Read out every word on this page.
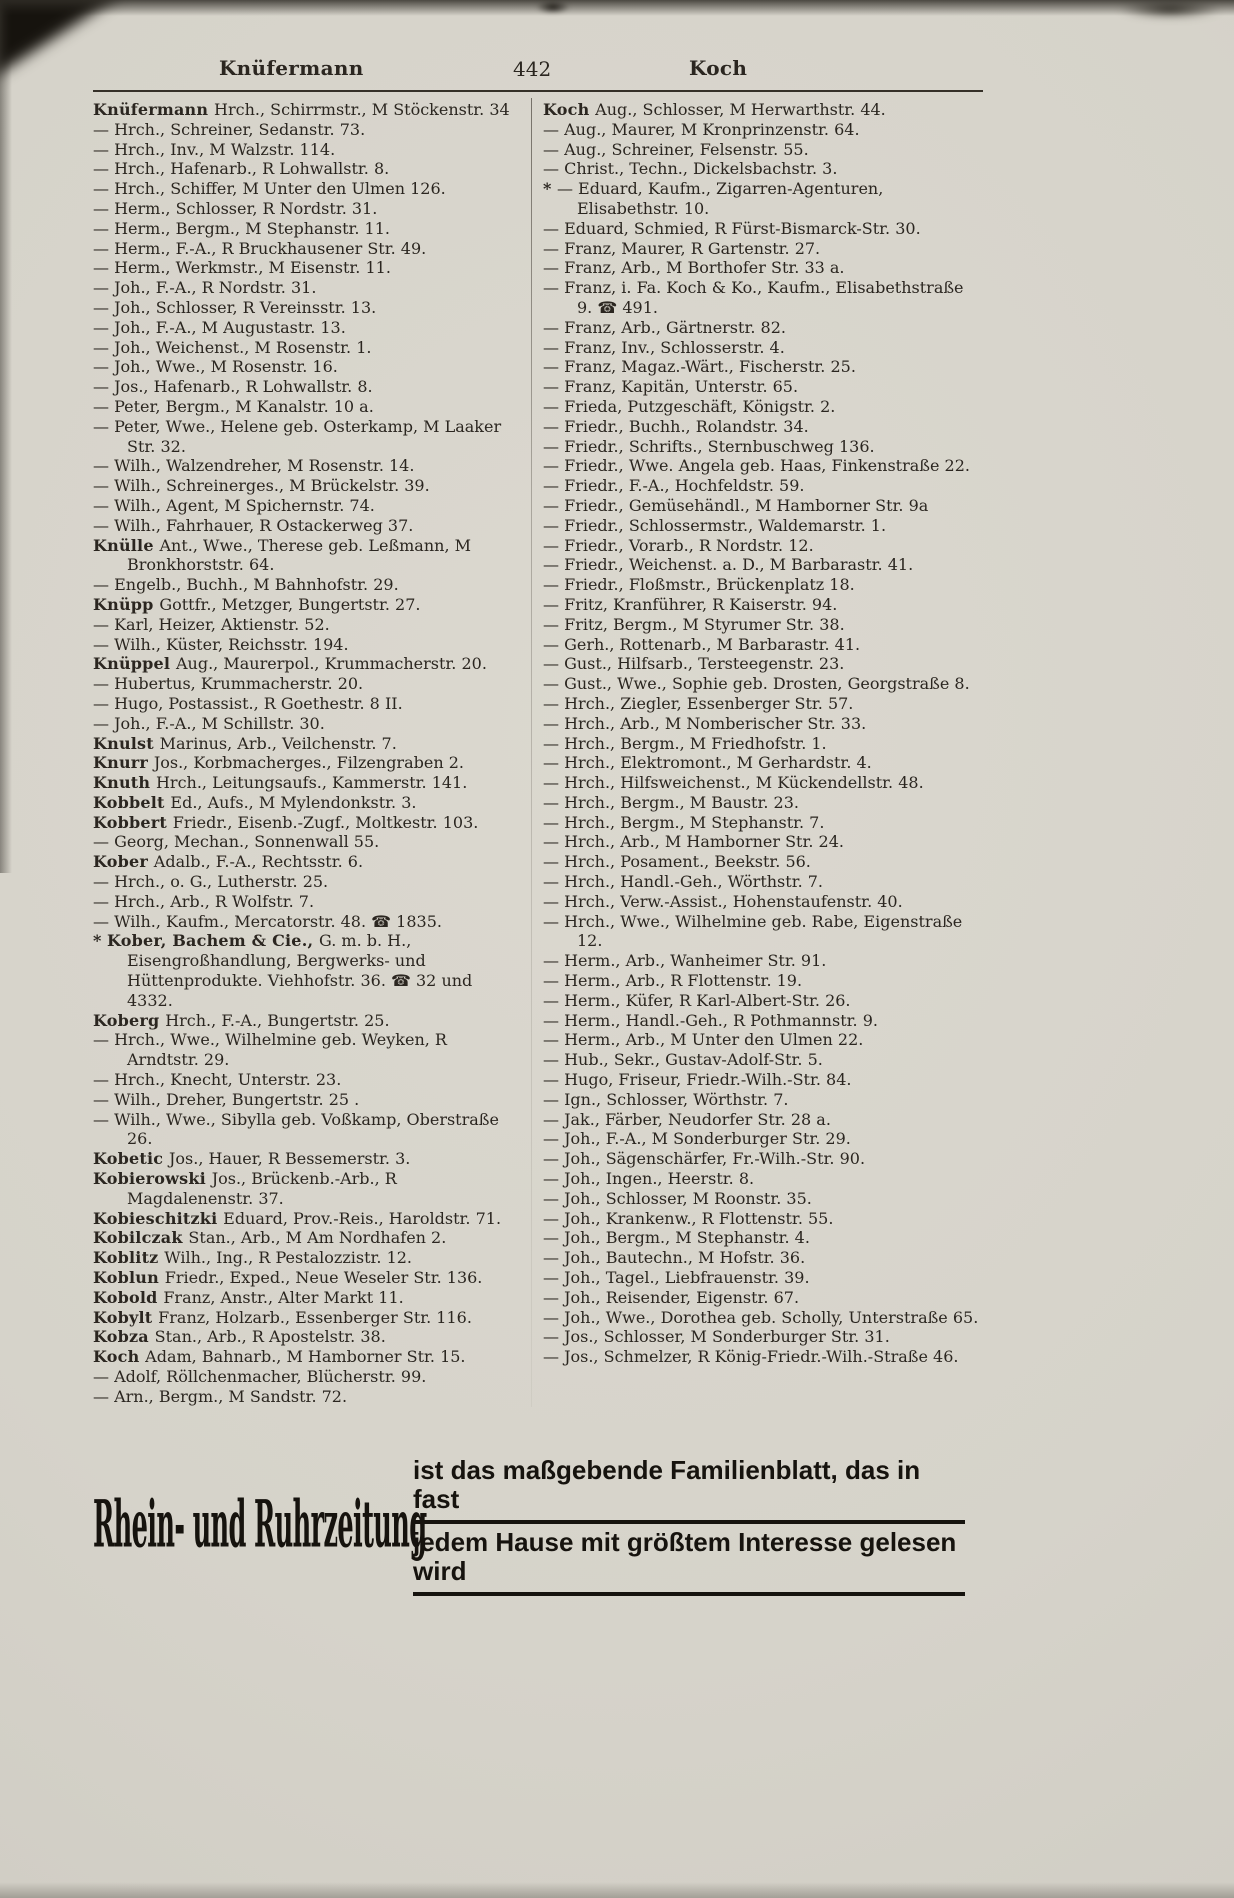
Knüfermann	442	Koch
Knüfermann Hrch., Schirrmstr., M Stöckenstr. 34
— Hrch., Schreiner, Sedanstr. 73.
— Hrch., Inv., M Walzstr. 114.
— Hrch., Hafenarb., R Lohwallstr. 8.
— Hrch., Schiffer, M Unter den Ulmen 126.
— Herm., Schlosser, R Nordstr. 31.
— Herm., Bergm., M Stephanstr. 11.
— Herm., F.-A., R Bruckhausener Str. 49.
— Herm., Werkmstr., M Eisenstr. 11.
— Joh., F.-A., R Nordstr. 31.
— Joh., Schlosser, R Vereinsstr. 13.
— Joh., F.-A., M Augustastr. 13.
— Joh., Weichenst., M Rosenstr. 1.
— Joh., Wwe., M Rosenstr. 16.
— Jos., Hafenarb., R Lohwallstr. 8.
— Peter, Bergm., M Kanalstr. 10 a.
— Peter, Wwe., Helene geb. Osterkamp, M Laaker Str. 32.
— Wilh., Walzendreher, M Rosenstr. 14.
— Wilh., Schreinerges., M Brückelstr. 39.
— Wilh., Agent, M Spichernstr. 74.
— Wilh., Fahrhauer, R Ostackerweg 37.
Knülle Ant., Wwe., Therese geb. Leßmann, M Bronkhorststr. 64.
— Engelb., Buchh., M Bahnhofstr. 29.
Knüpp Gottfr., Metzger, Bungertstr. 27.
— Karl, Heizer, Aktienstr. 52.
— Wilh., Küster, Reichsstr. 194.
Knüppel Aug., Maurerpol., Krummacherstr. 20.
— Hubertus, Krummacherstr. 20.
— Hugo, Postassist., R Goethestr. 8 II.
— Joh., F.-A., M Schillstr. 30.
Knulst Marinus, Arb., Veilchenstr. 7.
Knurr Jos., Korbmacherges., Filzengraben 2.
Knuth Hrch., Leitungsaufs., Kammerstr. 141.
Kobbelt Ed., Aufs., M Mylendonkstr. 3.
Kobbert Friedr., Eisenb.-Zugf., Moltkestr. 103.
— Georg, Mechan., Sonnenwall 55.
Kober Adalb., F.-A., Rechtsstr. 6.
— Hrch., o. G., Lutherstr. 25.
— Hrch., Arb., R Wolfstr. 7.
— Wilh., Kaufm., Mercatorstr. 48. ☎ 1835.
* Kober, Bachem & Cie., G. m. b. H., Eisengroßhandlung, Bergwerks- und Hüttenprodukte. Viehhofstr. 36. ☎ 32 und 4332.
Koberg Hrch., F.-A., Bungertstr. 25.
— Hrch., Wwe., Wilhelmine geb. Weyken, R Arndtstr. 29.
— Hrch., Knecht, Unterstr. 23.
— Wilh., Dreher, Bungertstr. 25 .
— Wilh., Wwe., Sibylla geb. Voßkamp, Oberstraße 26.
Kobetic Jos., Hauer, R Bessemerstr. 3.
Kobierowski Jos., Brückenb.-Arb., R Magdalenenstr. 37.
Kobieschitzki Eduard, Prov.-Reis., Haroldstr. 71.
Kobilczak Stan., Arb., M Am Nordhafen 2.
Koblitz Wilh., Ing., R Pestalozzistr. 12.
Koblun Friedr., Exped., Neue Weseler Str. 136.
Kobold Franz, Anstr., Alter Markt 11.
Kobylt Franz, Holzarb., Essenberger Str. 116.
Kobza Stan., Arb., R Apostelstr. 38.
Koch Adam, Bahnarb., M Hamborner Str. 15.
— Adolf, Röllchenmacher, Blücherstr. 99.
— Arn., Bergm., M Sandstr. 72.
Koch Aug., Schlosser, M Herwarthstr. 44.
— Aug., Maurer, M Kronprinzenstr. 64.
— Aug., Schreiner, Felsenstr. 55.
— Christ., Techn., Dickelsbachstr. 3.
* — Eduard, Kaufm., Zigarren-Agenturen, Elisabethstr. 10.
— Eduard, Schmied, R Fürst-Bismarck-Str. 30.
— Franz, Maurer, R Gartenstr. 27.
— Franz, Arb., M Borthofer Str. 33 a.
— Franz, i. Fa. Koch & Ko., Kaufm., Elisabethstraße 9. ☎ 491.
— Franz, Arb., Gärtnerstr. 82.
— Franz, Inv., Schlosserstr. 4.
— Franz, Magaz.-Wärt., Fischerstr. 25.
— Franz, Kapitän, Unterstr. 65.
— Frieda, Putzgeschäft, Königstr. 2.
— Friedr., Buchh., Rolandstr. 34.
— Friedr., Schrifts., Sternbuschweg 136.
— Friedr., Wwe. Angela geb. Haas, Finkenstraße 22.
— Friedr., F.-A., Hochfeldstr. 59.
— Friedr., Gemüsehändl., M Hamborner Str. 9a
— Friedr., Schlossermstr., Waldemarstr. 1.
— Friedr., Vorarb., R Nordstr. 12.
— Friedr., Weichenst. a. D., M Barbarastr. 41.
— Friedr., Floßmstr., Brückenplatz 18.
— Fritz, Kranführer, R Kaiserstr. 94.
— Fritz, Bergm., M Styrumer Str. 38.
— Gerh., Rottenarb., M Barbarastr. 41.
— Gust., Hilfsarb., Tersteegenstr. 23.
— Gust., Wwe., Sophie geb. Drosten, Georgstraße 8.
— Hrch., Ziegler, Essenberger Str. 57.
— Hrch., Arb., M Nomberischer Str. 33.
— Hrch., Bergm., M Friedhofstr. 1.
— Hrch., Elektromont., M Gerhardstr. 4.
— Hrch., Hilfsweichenst., M Kückendellstr. 48.
— Hrch., Bergm., M Baustr. 23.
— Hrch., Bergm., M Stephanstr. 7.
— Hrch., Arb., M Hamborner Str. 24.
— Hrch., Posament., Beekstr. 56.
— Hrch., Handl.-Geh., Wörthstr. 7.
— Hrch., Verw.-Assist., Hohenstaufenstr. 40.
— Hrch., Wwe., Wilhelmine geb. Rabe, Eigenstraße 12.
— Herm., Arb., Wanheimer Str. 91.
— Herm., Arb., R Flottenstr. 19.
— Herm., Küfer, R Karl-Albert-Str. 26.
— Herm., Handl.-Geh., R Pothmannstr. 9.
— Herm., Arb., M Unter den Ulmen 22.
— Hub., Sekr., Gustav-Adolf-Str. 5.
— Hugo, Friseur, Friedr.-Wilh.-Str. 84.
— Ign., Schlosser, Wörthstr. 7.
— Jak., Färber, Neudorfer Str. 28 a.
— Joh., F.-A., M Sonderburger Str. 29.
— Joh., Sägenschärfer, Fr.-Wilh.-Str. 90.
— Joh., Ingen., Heerstr. 8.
— Joh., Schlosser, M Roonstr. 35.
— Joh., Krankenw., R Flottenstr. 55.
— Joh., Bergm., M Stephanstr. 4.
— Joh., Bautechn., M Hofstr. 36.
— Joh., Tagel., Liebfrauenstr. 39.
— Joh., Reisender, Eigenstr. 67.
— Joh., Wwe., Dorothea geb. Scholly, Unterstraße 65.
— Jos., Schlosser, M Sonderburger Str. 31.
— Jos., Schmelzer, R König-Friedr.-Wilh.-Straße 46.
Rhein- und Ruhrzeitung
ist das maßgebende Familienblatt, das in fast
jedem Hause mit größtem Interesse gelesen wird
